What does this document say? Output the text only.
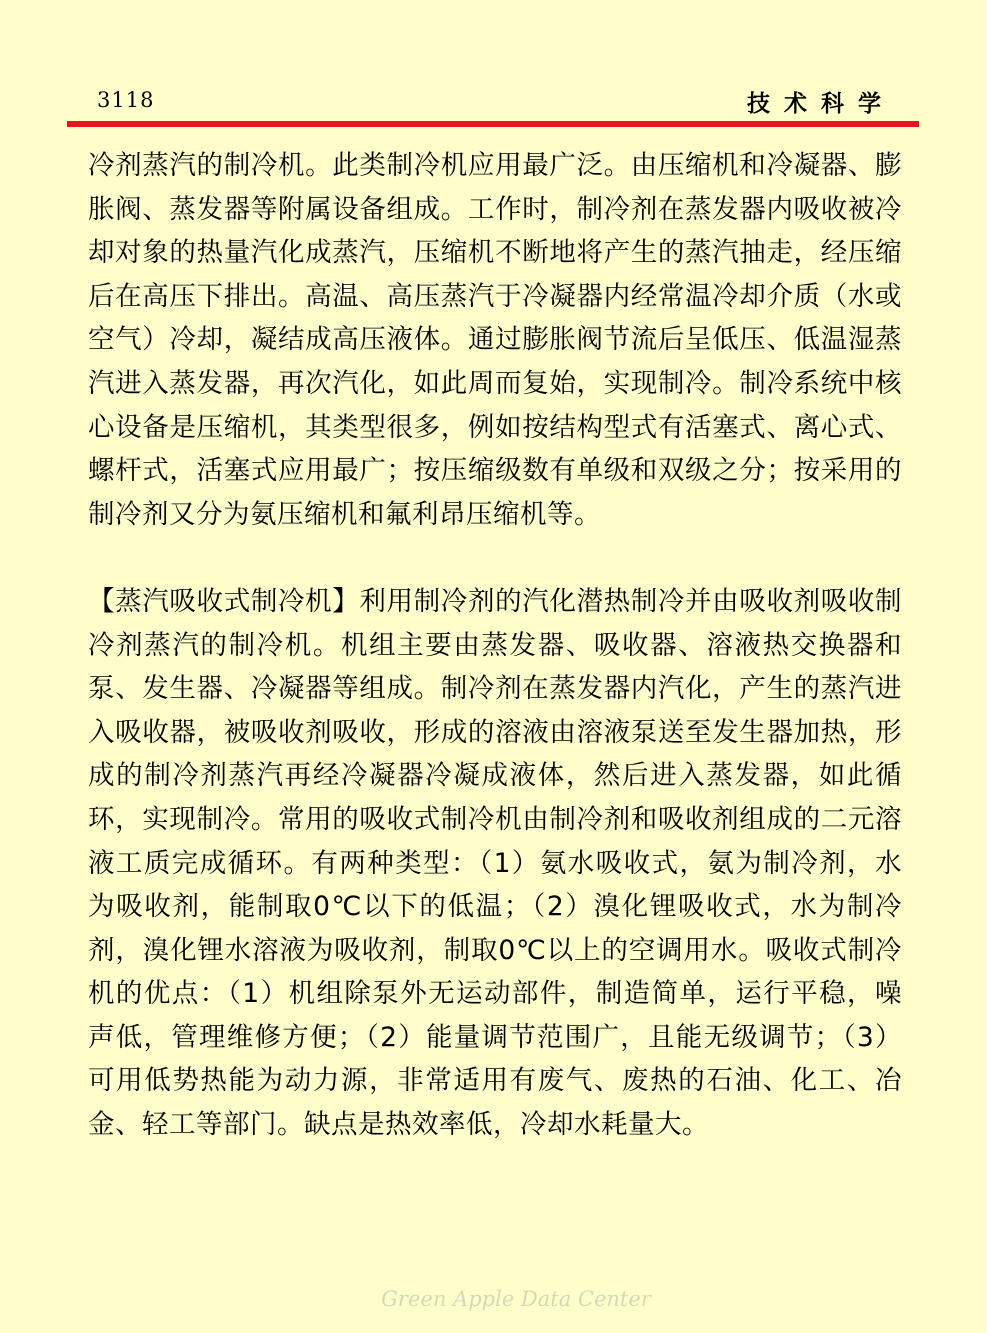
3118	技术科学

冷剂蒸汽的制冷机。此类制冷机应用最广泛。由压缩机和冷凝器、膨胀阀、蒸发器等附属设备组成。工作时，制冷剂在蒸发器内吸收被冷却对象的热量汽化成蒸汽，压缩机不断地将产生的蒸汽抽走，经压缩后在高压下排出。高温、高压蒸汽于冷凝器内经常温冷却介质（水或空气）冷却，凝结成高压液体。通过膨胀阀节流后呈低压、低温湿蒸汽进入蒸发器，再次汽化，如此周而复始，实现制冷。制冷系统中核心设备是压缩机，其类型很多，例如按结构型式有活塞式、离心式、螺杆式，活塞式应用最广；按压缩级数有单级和双级之分；按采用的制冷剂又分为氨压缩机和氟利昂压缩机等。

【蒸汽吸收式制冷机】利用制冷剂的汽化潜热制冷并由吸收剂吸收制冷剂蒸汽的制冷机。机组主要由蒸发器、吸收器、溶液热交换器和泵、发生器、冷凝器等组成。制冷剂在蒸发器内汽化，产生的蒸汽进入吸收器，被吸收剂吸收，形成的溶液由溶液泵送至发生器加热，形成的制冷剂蒸汽再经冷凝器冷凝成液体，然后进入蒸发器，如此循环，实现制冷。常用的吸收式制冷机由制冷剂和吸收剂组成的二元溶液工质完成循环。有两种类型：（1）氨水吸收式，氨为制冷剂，水为吸收剂，能制取0℃以下的低温；（2）溴化锂吸收式，水为制冷剂，溴化锂水溶液为吸收剂，制取0℃以上的空调用水。吸收式制冷机的优点：（1）机组除泵外无运动部件，制造简单，运行平稳，噪声低，管理维修方便；（2）能量调节范围广，且能无级调节；（3）可用低势热能为动力源，非常适用有废气、废热的石油、化工、冶金、轻工等部门。缺点是热效率低，冷却水耗量大。

Green Apple Data Center
